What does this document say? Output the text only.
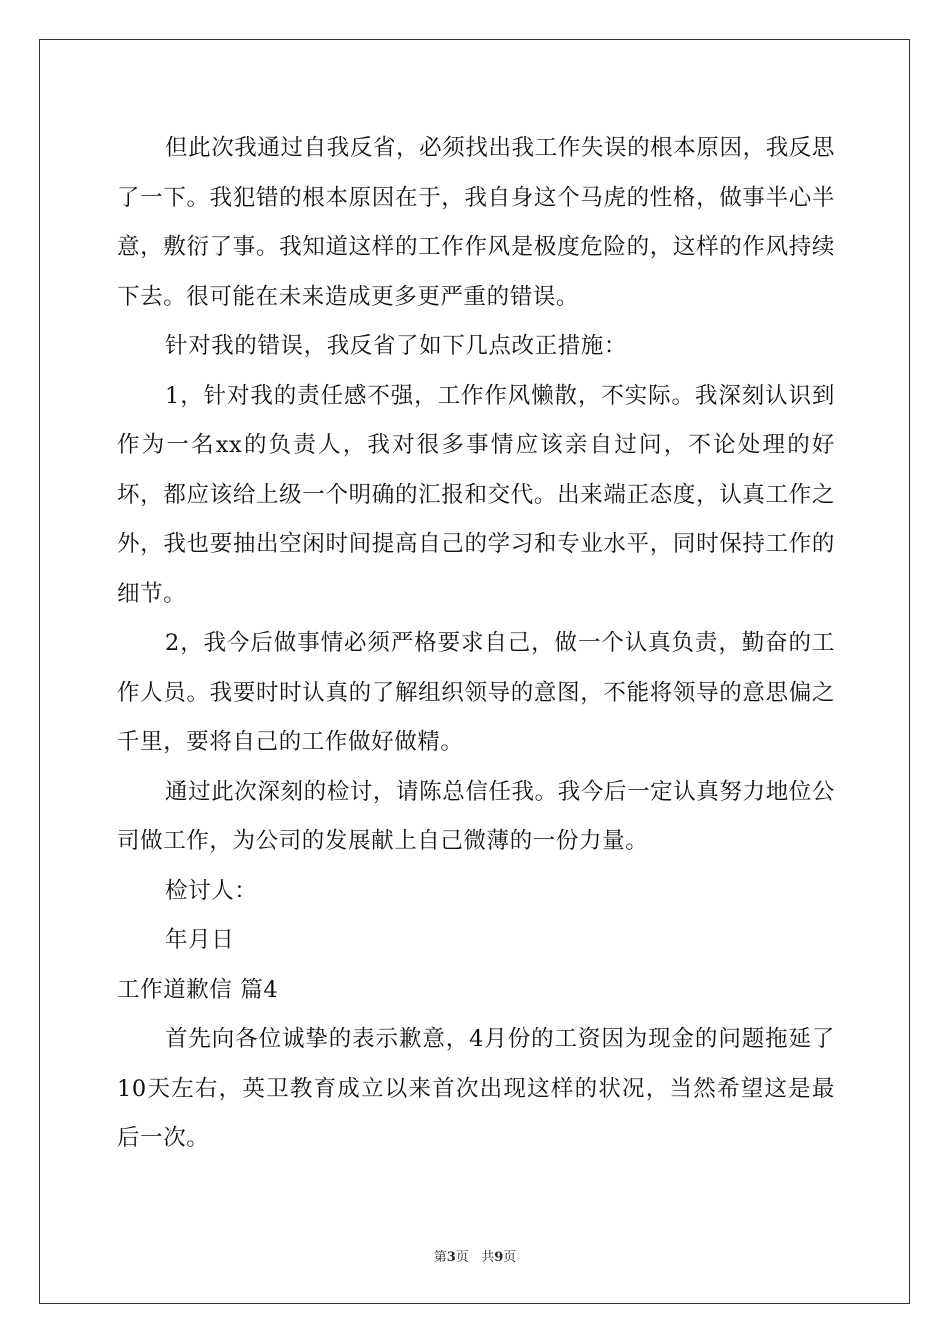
但此次我通过自我反省，必须找出我工作失误的根本原因，我反思了一下。我犯错的根本原因在于，我自身这个马虎的性格，做事半心半意，敷衍了事。我知道这样的工作作风是极度危险的，这样的作风持续下去。很可能在未来造成更多更严重的错误。

针对我的错误，我反省了如下几点改正措施：

1，针对我的责任感不强，工作作风懒散，不实际。我深刻认识到作为一名xx的负责人，我对很多事情应该亲自过问，不论处理的好坏，都应该给上级一个明确的汇报和交代。出来端正态度，认真工作之外，我也要抽出空闲时间提高自己的学习和专业水平，同时保持工作的细节。

2，我今后做事情必须严格要求自己，做一个认真负责，勤奋的工作人员。我要时时认真的了解组织领导的意图，不能将领导的意思偏之千里，要将自己的工作做好做精。

通过此次深刻的检讨，请陈总信任我。我今后一定认真努力地位公司做工作，为公司的发展献上自己微薄的一份力量。

检讨人：

年月日

工作道歉信 篇4

首先向各位诚挚的表示歉意，4月份的工资因为现金的问题拖延了10天左右，英卫教育成立以来首次出现这样的状况，当然希望这是最后一次。

第3页 共9页
